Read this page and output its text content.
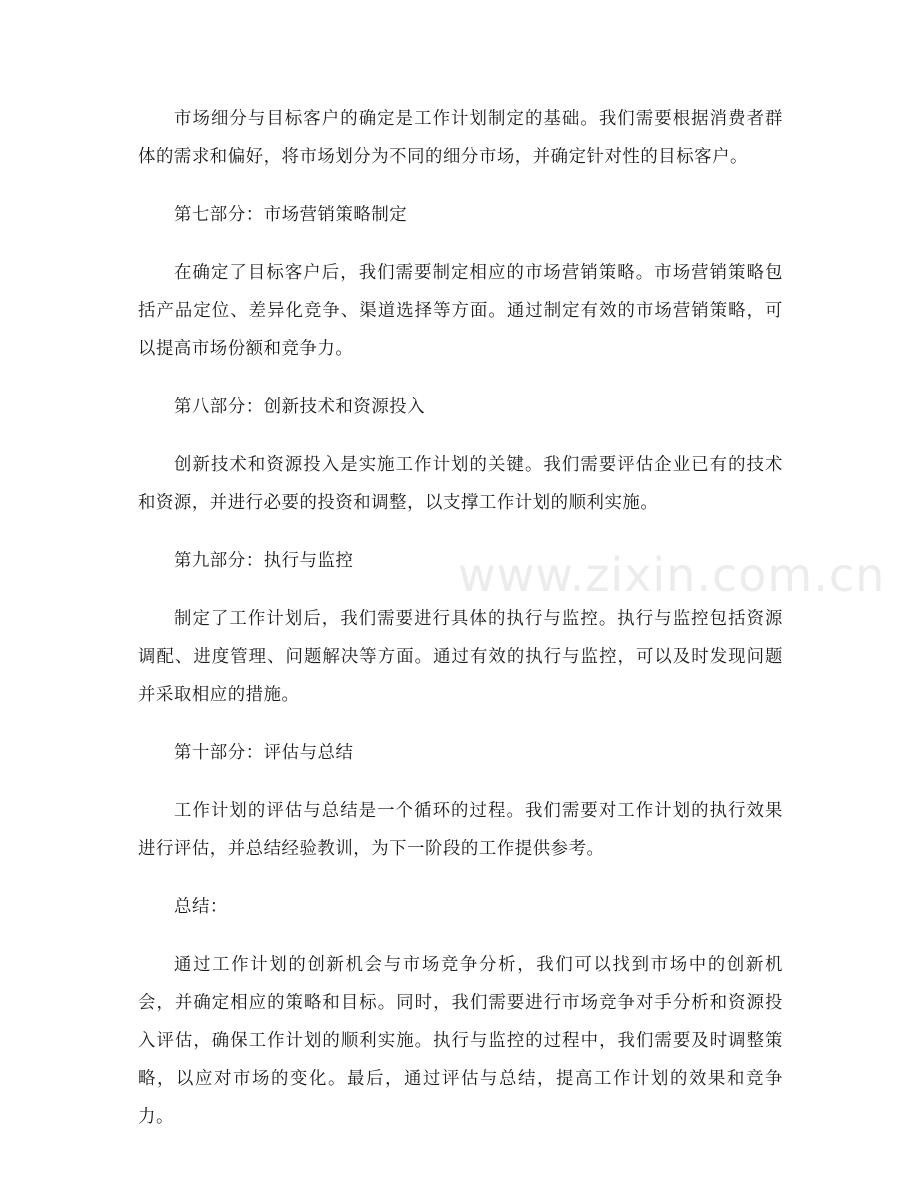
市场细分与目标客户的确定是工作计划制定的基础。我们需要根据消费者群体的需求和偏好，将市场划分为不同的细分市场，并确定针对性的目标客户。

第七部分：市场营销策略制定

在确定了目标客户后，我们需要制定相应的市场营销策略。市场营销策略包括产品定位、差异化竞争、渠道选择等方面。通过制定有效的市场营销策略，可以提高市场份额和竞争力。

第八部分：创新技术和资源投入

创新技术和资源投入是实施工作计划的关键。我们需要评估企业已有的技术和资源，并进行必要的投资和调整，以支撑工作计划的顺利实施。

第九部分：执行与监控

制定了工作计划后，我们需要进行具体的执行与监控。执行与监控包括资源调配、进度管理、问题解决等方面。通过有效的执行与监控，可以及时发现问题并采取相应的措施。

第十部分：评估与总结

工作计划的评估与总结是一个循环的过程。我们需要对工作计划的执行效果进行评估，并总结经验教训，为下一阶段的工作提供参考。

总结：

通过工作计划的创新机会与市场竞争分析，我们可以找到市场中的创新机会，并确定相应的策略和目标。同时，我们需要进行市场竞争对手分析和资源投入评估，确保工作计划的顺利实施。执行与监控的过程中，我们需要及时调整策略，以应对市场的变化。最后，通过评估与总结，提高工作计划的效果和竞争力。

www.zixin.com.cn
